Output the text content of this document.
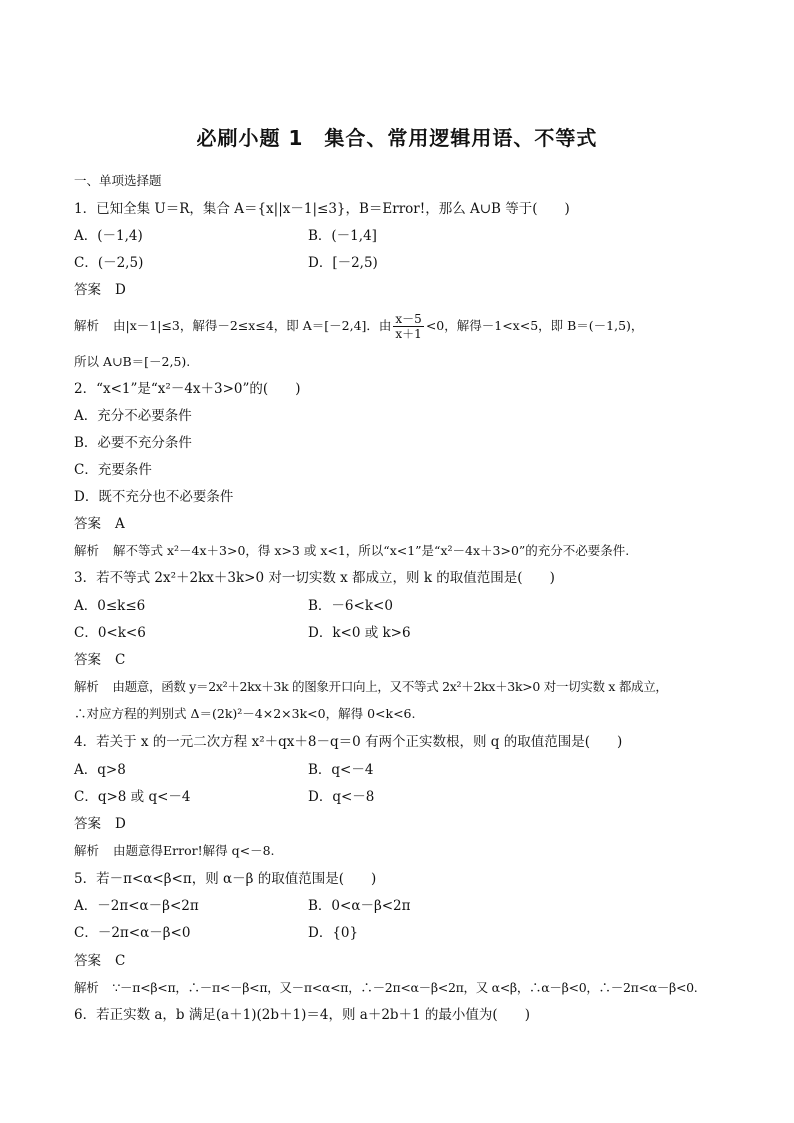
必刷小题 1　集合、常用逻辑用语、不等式
一、单项选择题
1．已知全集 U＝R，集合 A＝{x||x－1|≤3}，B＝Error!，那么 A∪B 等于(　　)
A．(－1,4)	B．(－1,4]
C．(－2,5)	D．[－2,5)
答案 D
解析 由|x－1|≤3，解得－2≤x≤4，即 A＝[－2,4]．由 $\frac{x-5}{x+1} <0$，解得－1<x<5，即 B＝(－1,5)，
所以 A∪B＝[－2,5).
2．“x<1”是“x²－4x＋3>0”的(　　)
A．充分不必要条件
B．必要不充分条件
C．充要条件
D．既不充分也不必要条件
答案 A
解析 解不等式 x²－4x＋3>0，得 x>3 或 x<1，所以“x<1”是“x²－4x＋3>0”的充分不必要条件.
3．若不等式 2x²＋2kx＋3k>0 对一切实数 x 都成立，则 k 的取值范围是(　　)
A．0≤k≤6	B．－6<k<0
C．0<k<6	D．k<0 或 k>6
答案 C
解析 由题意，函数 y＝2x²＋2kx＋3k 的图象开口向上，又不等式 2x²＋2kx＋3k>0 对一切实数 x 都成立，
∴对应方程的判别式 Δ＝(2k)²－4×2×3k<0，解得 0<k<6.
4．若关于 x 的一元二次方程 x²＋qx＋8－q＝0 有两个正实数根，则 q 的取值范围是(　　)
A．q>8	B．q<－4
C．q>8 或 q<－4	D．q<－8
答案 D
解析 由题意得Error!解得 q<－8.
5．若－π<α<β<π，则 α－β 的取值范围是(　　)
A．－2π<α－β<2π	B．0<α－β<2π
C．－2π<α－β<0	D．{0}
答案 C
解析 ∵－π<β<π，∴－π<－β<π，又－π<α<π，∴－2π<α－β<2π，又 α<β，∴α－β<0，∴－2π<α－β<0.
6．若正实数 a，b 满足(a＋1)(2b＋1)＝4，则 a＋2b＋1 的最小值为(　　)
